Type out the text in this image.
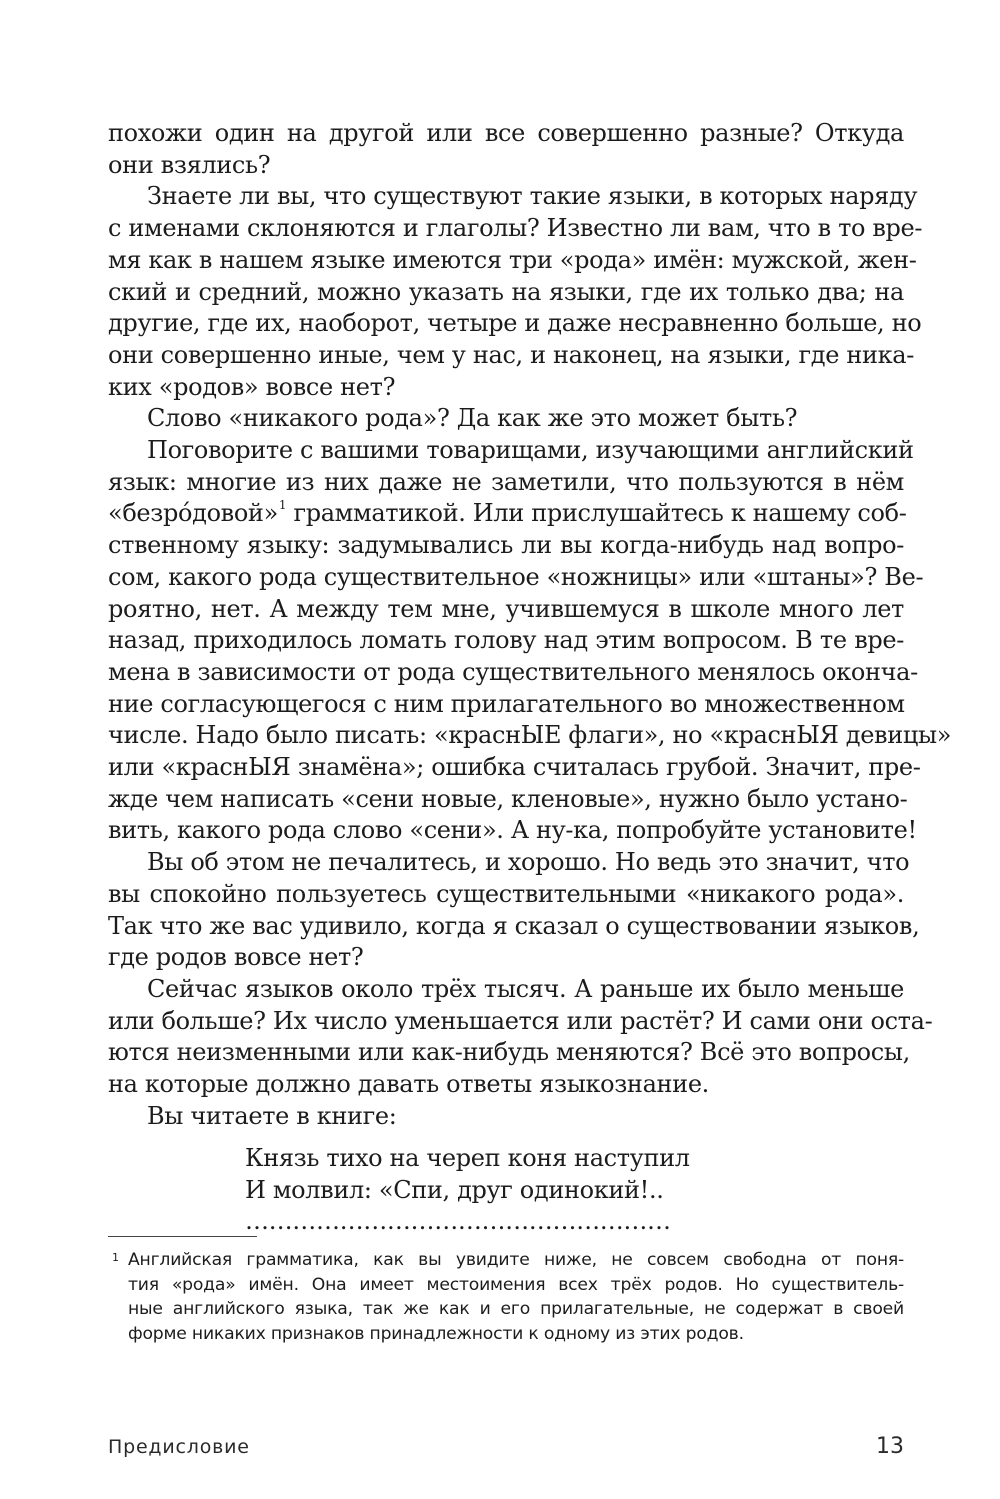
похожи один на другой или все совершенно разные? Откуда
они взялись?

Знаете ли вы, что существуют такие языки, в которых наряду
с именами склоняются и глаголы? Известно ли вам, что в то вре-
мя как в нашем языке имеются три «рода» имён: мужской, жен-
ский и средний, можно указать на языки, где их только два; на
другие, где их, наоборот, четыре и даже несравненно больше, но
они совершенно иные, чем у нас, и наконец, на языки, где ника-
ких «родов» вовсе нет?

Слово «никакого рода»? Да как же это может быть?

Поговорите с вашими товарищами, изучающими английский
язык: многие из них даже не заметили, что пользуются в нём
«безрóдовой»$^1$ грамматикой. Или прислушайтесь к нашему соб-
ственному языку: задумывались ли вы когда-нибудь над вопро-
сом, какого рода существительное «ножницы» или «штаны»? Ве-
роятно, нет. А между тем мне, учившемуся в школе много лет
назад, приходилось ломать голову над этим вопросом. В те вре-
мена в зависимости от рода существительного менялось оконча-
ние согласующегося с ним прилагательного во множественном
числе. Надо было писать: «краснЫЕ флаги», но «краснЫЯ девицы»
или «краснЫЯ знамёна»; ошибка считалась грубой. Значит, пре-
жде чем написать «сени новые, кленовые», нужно было устано-
вить, какого рода слово «сени». А ну-ка, попробуйте установите!

Вы об этом не печалитесь, и хорошо. Но ведь это значит, что
вы спокойно пользуетесь существительными «никакого рода».
Так что же вас удивило, когда я сказал о существовании языков,
где родов вовсе нет?

Сейчас языков около трёх тысяч. А раньше их было меньше
или больше? Их число уменьшается или растёт? И сами они оста-
ются неизменными или как-нибудь меняются? Всё это вопросы,
на которые должно давать ответы языкознание.

Вы читаете в книге:

Князь тихо на череп коня наступил
И молвил: «Спи, друг одинокий!..
………………………………………………
1 Английская грамматика, как вы увидите ниже, не совсем свободна от поня-
тия «рода» имён. Она имеет местоимения всех трёх родов. Но существитель-
ные английского языка, так же как и его прилагательные, не содержат в своей
форме никаких признаков принадлежности к одному из этих родов.
Предисловие	13
